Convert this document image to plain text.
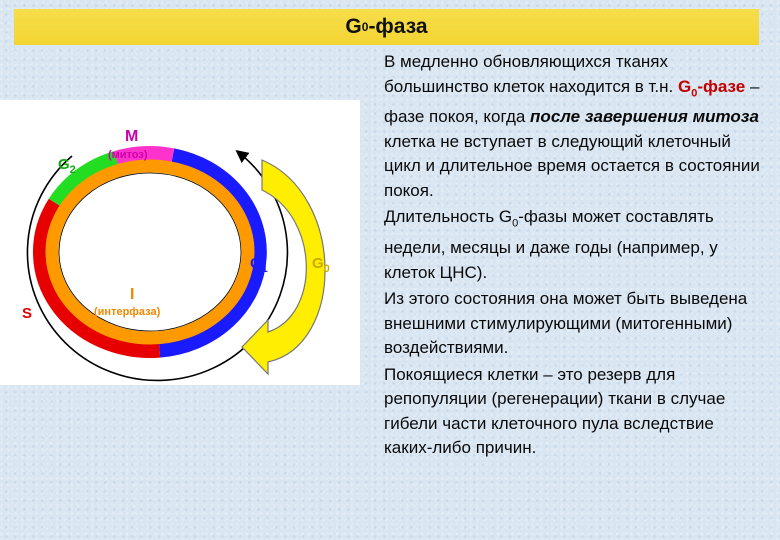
G 0 -фаза
М
(митоз)
$G_2$
$G_1$	$G_0$
S
I
(интерфаза)

В медленно обновляющихся тканях большинство клеток находится в т.н. $G_0$-фазе – фазе покоя, когда после завершения митоза клетка не вступает в следующий клеточный цикл и длительное время остается в состоянии покоя.

Длительность $G_0$-фазы может составлять недели, месяцы и даже годы (например, у клеток ЦНС).

Из этого состояния она может быть выведена внешними стимулирующими (митогенными) воздействиями.

Покоящиеся клетки – это резерв для репопуляции (регенерации) ткани в случае гибели части клеточного пула вследствие каких-либо причин.
